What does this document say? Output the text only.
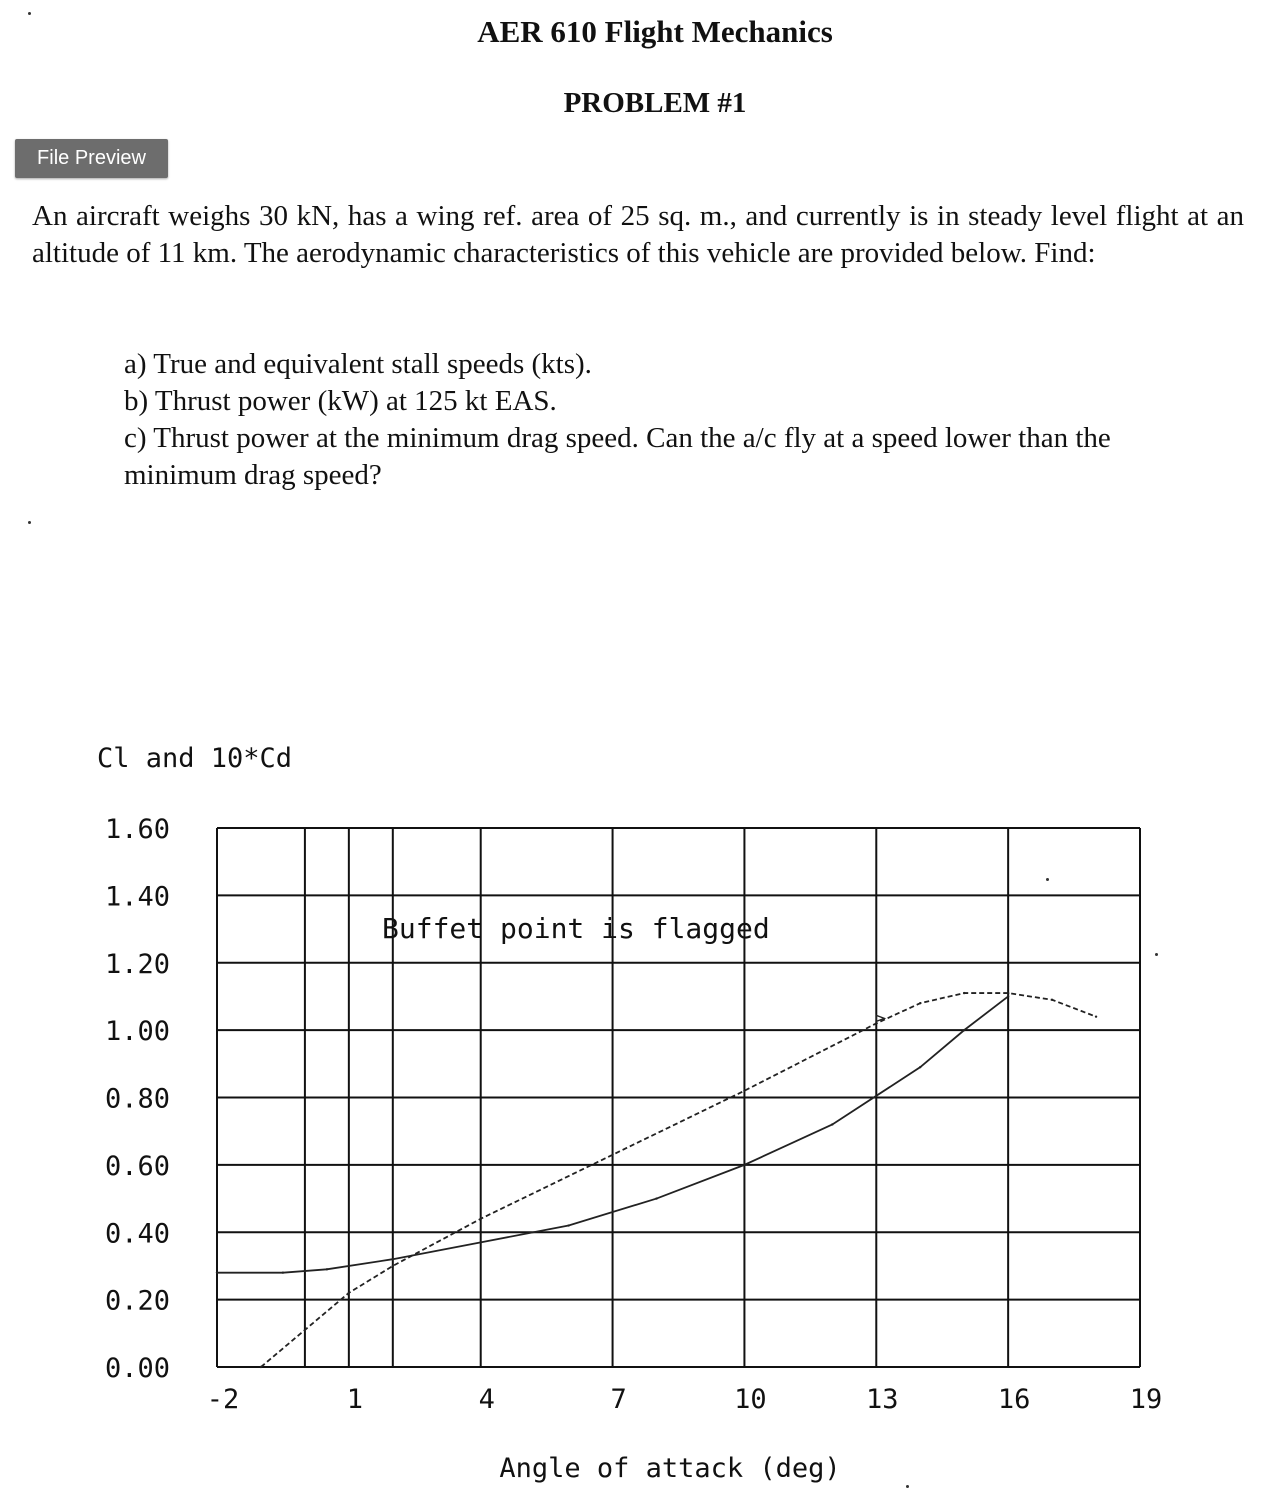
AER 610 Flight Mechanics
PROBLEM #1
File Preview
An aircraft weighs 30 kN, has a wing ref. area of 25 sq. m., and currently is in steady level flight at an altitude of 11 km. The aerodynamic characteristics of this vehicle are provided below. Find:
a) True and equivalent stall speeds (kts).
b) Thrust power (kW) at 125 kt EAS.
c) Thrust power at the minimum drag speed. Can the a/c fly at a speed lower than the minimum drag speed?
0.00
0.20
0.40
0.60
0.80
1.00
1.20
1.40
1.60
-2	1	4	7	10	13	16	19
Cl and 10*Cd
Buffet point is flagged
Angle of attack (deg)
